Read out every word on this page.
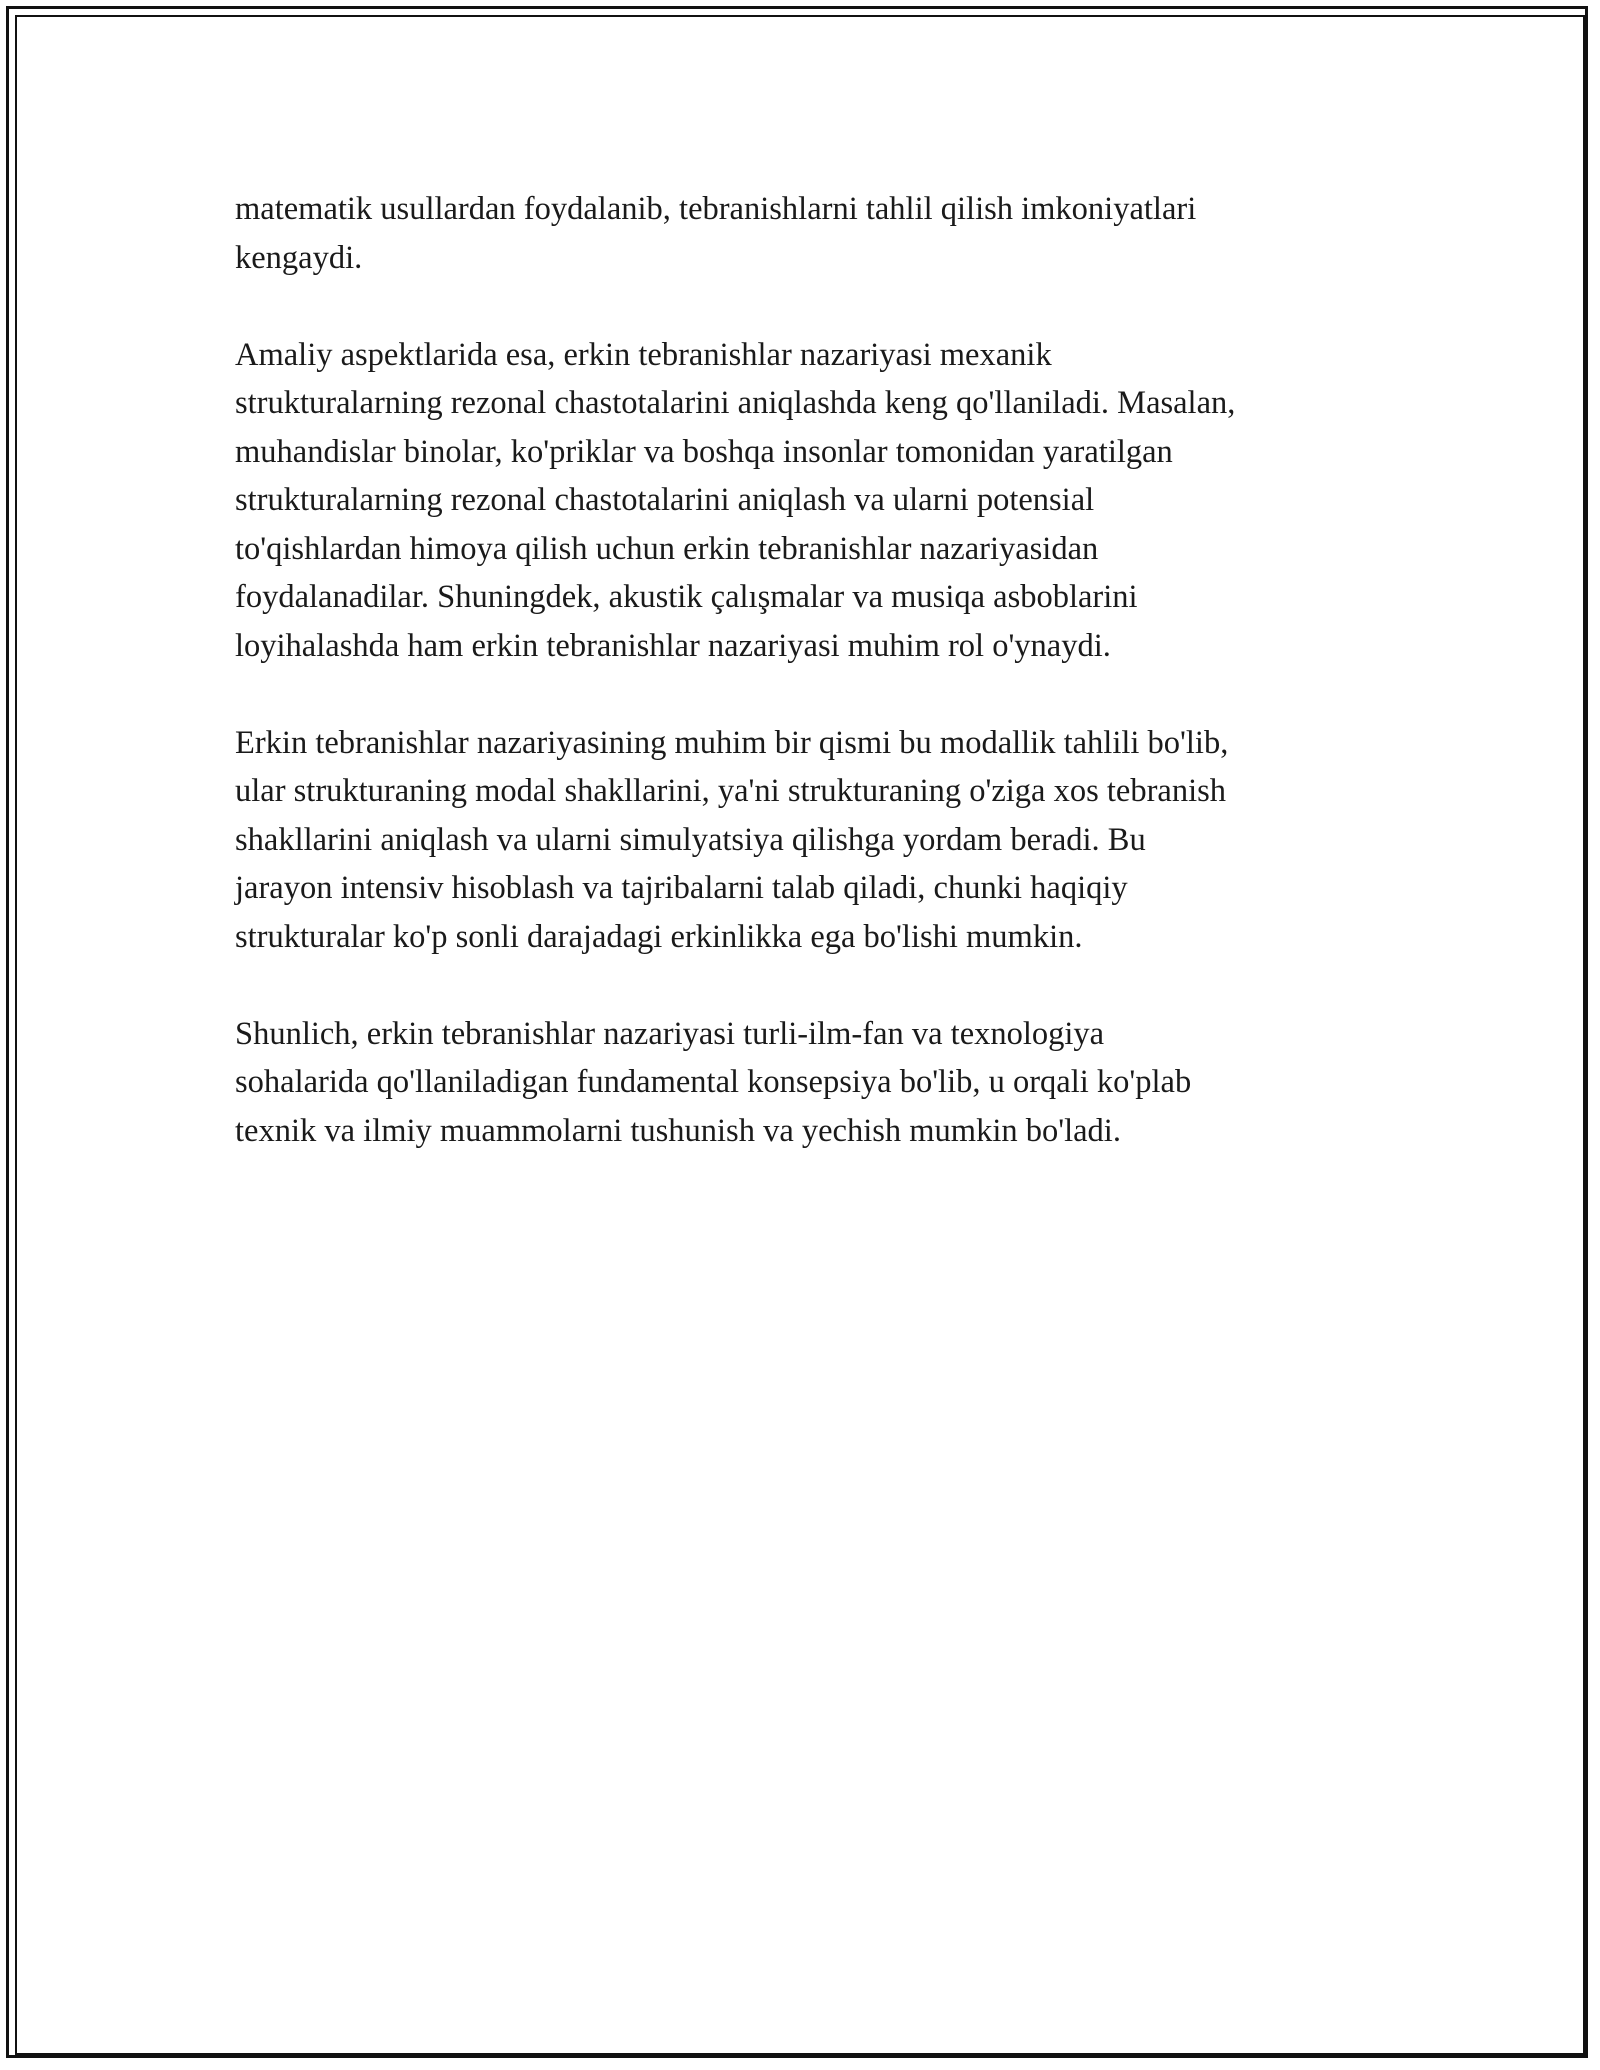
matematik usullardan foydalanib, tebranishlarni tahlil qilish imkoniyatlari
kengaydi.

Amaliy aspektlarida esa, erkin tebranishlar nazariyasi mexanik
strukturalarning rezonal chastotalarini aniqlashda keng qo'llaniladi. Masalan,
muhandislar binolar, ko'priklar va boshqa insonlar tomonidan yaratilgan
strukturalarning rezonal chastotalarini aniqlash va ularni potensial
to'qishlardan himoya qilish uchun erkin tebranishlar nazariyasidan
foydalanadilar. Shuningdek, akustik çalışmalar va musiqa asboblarini
loyihalashda ham erkin tebranishlar nazariyasi muhim rol o'ynaydi.

Erkin tebranishlar nazariyasining muhim bir qismi bu modallik tahlili bo'lib,
ular strukturaning modal shakllarini, ya'ni strukturaning o'ziga xos tebranish
shakllarini aniqlash va ularni simulyatsiya qilishga yordam beradi. Bu
jarayon intensiv hisoblash va tajribalarni talab qiladi, chunki haqiqiy
strukturalar ko'p sonli darajadagi erkinlikka ega bo'lishi mumkin.

Shunlich, erkin tebranishlar nazariyasi turli-ilm-fan va texnologiya
sohalarida qo'llaniladigan fundamental konsepsiya bo'lib, u orqali ko'plab
texnik va ilmiy muammolarni tushunish va yechish mumkin bo'ladi.
